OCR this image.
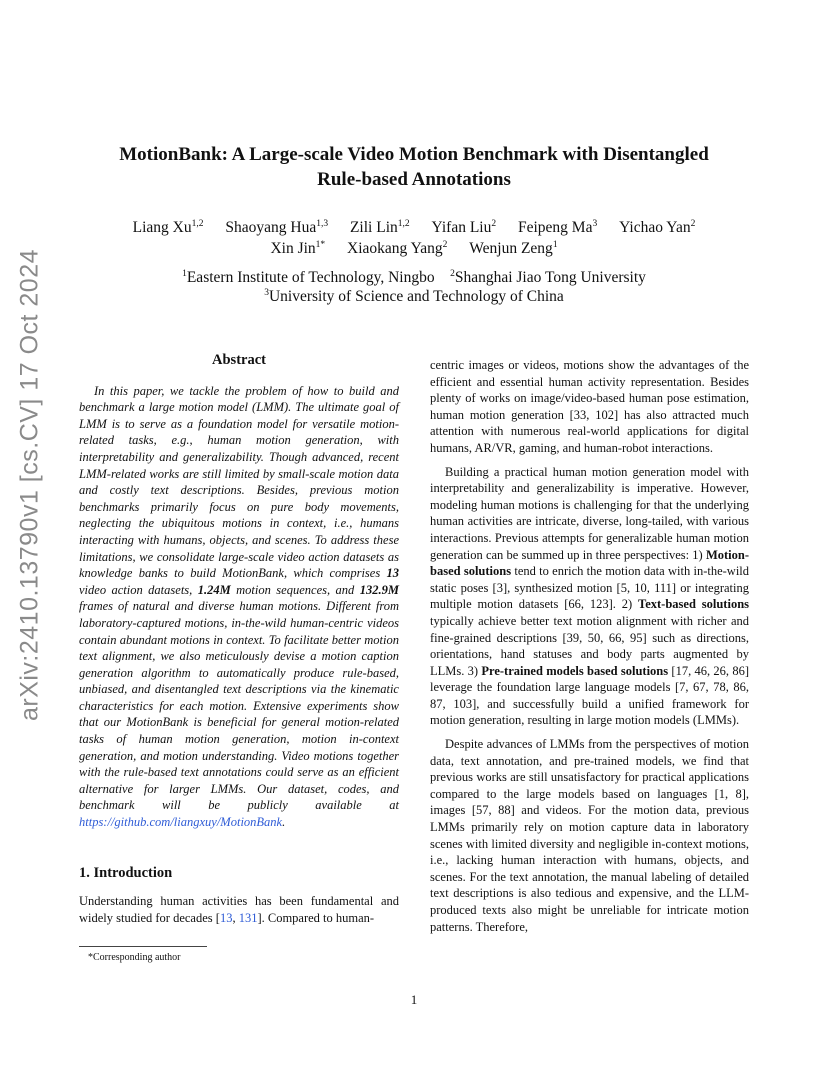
arXiv:2410.13790v1 [cs.CV] 17 Oct 2024
MotionBank: A Large-scale Video Motion Benchmark with Disentangled
Rule-based Annotations
Liang Xu$^{1,2}$ Shaoyang Hua$^{1,3}$ Zili Lin$^{1,2}$ Yifan Liu$^2$ Feipeng Ma$^3$ Yichao Yan$^2$
Xin Jin$^{1*}$ Xiaokang Yang$^2$ Wenjun Zeng$^1$
$^1$Eastern Institute of Technology, Ningbo $^2$Shanghai Jiao Tong University
$^3$University of Science and Technology of China
Abstract

In this paper, we tackle the problem of how to build and benchmark a large motion model (LMM). The ultimate goal of LMM is to serve as a foundation model for versatile motion-related tasks, e.g., human motion generation, with interpretability and generalizability. Though advanced, recent LMM-related works are still limited by small-scale motion data and costly text descriptions. Besides, previous motion benchmarks primarily focus on pure body movements, neglecting the ubiquitous motions in context, i.e., humans interacting with humans, objects, and scenes. To address these limitations, we consolidate large-scale video action datasets as knowledge banks to build MotionBank, which comprises 13 video action datasets, 1.24M motion sequences, and 132.9M frames of natural and diverse human motions. Different from laboratory-captured motions, in-the-wild human-centric videos contain abundant motions in context. To facilitate better motion text alignment, we also meticulously devise a motion caption generation algorithm to automatically produce rule-based, unbiased, and disentangled text descriptions via the kinematic characteristics for each motion. Extensive experiments show that our MotionBank is beneficial for general motion-related tasks of human motion generation, motion in-context generation, and motion understanding. Video motions together with the rule-based text annotations could serve as an efficient alternative for larger LMMs. Our dataset, codes, and benchmark will be publicly available at https://github.com/liangxuy/MotionBank.

1. Introduction

Understanding human activities has been fundamental and widely studied for decades [13, 131]. Compared to human-

centric images or videos, motions show the advantages of the efficient and essential human activity representation. Besides plenty of works on image/video-based human pose estimation, human motion generation [33, 102] has also attracted much attention with numerous real-world applications for digital humans, AR/VR, gaming, and human-robot interactions.

Building a practical human motion generation model with interpretability and generalizability is imperative. However, modeling human motions is challenging for that the underlying human activities are intricate, diverse, long-tailed, with various interactions. Previous attempts for generalizable human motion generation can be summed up in three perspectives: 1) Motion-based solutions tend to enrich the motion data with in-the-wild static poses [3], synthesized motion [5, 10, 111] or integrating multiple motion datasets [66, 123]. 2) Text-based solutions typically achieve better text motion alignment with richer and fine-grained descriptions [39, 50, 66, 95] such as directions, orientations, hand statuses and body parts augmented by LLMs. 3) Pre-trained models based solutions [17, 46, 26, 86] leverage the foundation large language models [7, 67, 78, 86, 87, 103], and successfully build a unified framework for motion generation, resulting in large motion models (LMMs).

Despite advances of LMMs from the perspectives of motion data, text annotation, and pre-trained models, we find that previous works are still unsatisfactory for practical applications compared to the large models based on languages [1, 8], images [57, 88] and videos. For the motion data, previous LMMs primarily rely on motion capture data in laboratory scenes with limited diversity and negligible in-context motions, i.e., lacking human interaction with humans, objects, and scenes. For the text annotation, the manual labeling of detailed text descriptions is also tedious and expensive, and the LLM-produced texts also might be unreliable for intricate motion patterns. Therefore,

*Corresponding author
1
